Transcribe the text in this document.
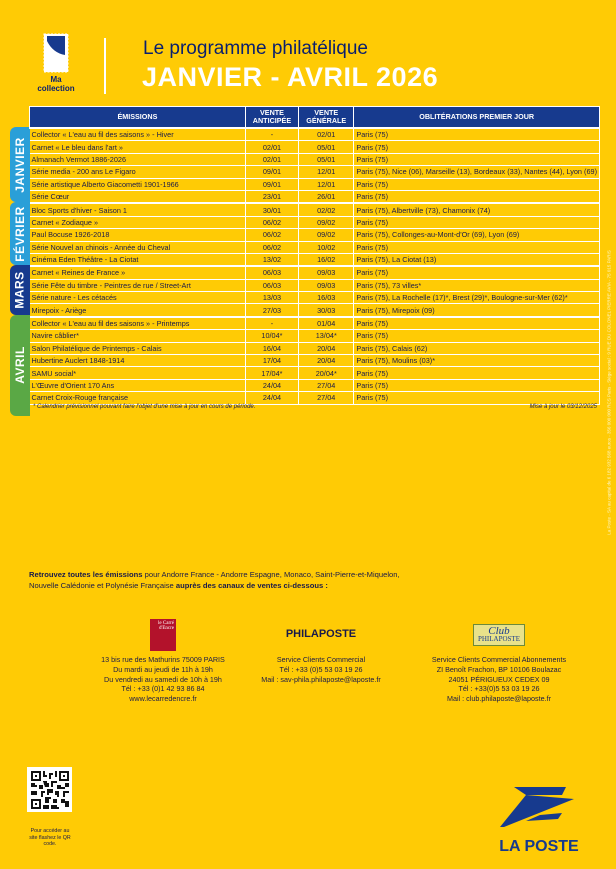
Ma collection
Le programme philatélique
JANVIER - AVRIL 2026
JANVIER
FÉVRIER
MARS
AVRIL
ÉMISSIONS	VENTE ANTICIPÉE	VENTE GÉNÉRALE	OBLITÉRATIONS PREMIER JOUR
Collector « L'eau au fil des saisons » - Hiver	-	02/01	Paris (75)
Carnet « Le bleu dans l'art »	02/01	05/01	Paris (75)
Almanach Vermot 1886-2026	02/01	05/01	Paris (75)
Série media - 200 ans Le Figaro	09/01	12/01	Paris (75), Nice (06), Marseille (13), Bordeaux (33), Nantes (44), Lyon (69)
Série artistique Alberto Giacometti 1901-1966	09/01	12/01	Paris (75)
Série Cœur	23/01	26/01	Paris (75)
Bloc Sports d'hiver - Saison 1	30/01	02/02	Paris (75), Albertville (73), Chamonix (74)
Carnet « Zodiaque »	06/02	09/02	Paris (75)
Paul Bocuse 1926-2018	06/02	09/02	Paris (75), Collonges-au-Mont-d'Or (69), Lyon (69)
Série Nouvel an chinois - Année du Cheval	06/02	10/02	Paris (75)
Cinéma Eden Théâtre - La Ciotat	13/02	16/02	Paris (75), La Ciotat (13)
Carnet « Reines de France »	06/03	09/03	Paris (75)
Série Fête du timbre - Peintres de rue / Street-Art	06/03	09/03	Paris (75), 73 villes*
Série nature - Les cétacés	13/03	16/03	Paris (75), La Rochelle (17)*, Brest (29)*, Boulogne-sur-Mer (62)*
Mirepoix - Ariège	27/03	30/03	Paris (75), Mirepoix (09)
Collector « L'eau au fil des saisons » - Printemps	-	01/04	Paris (75)
Navire câblier*	10/04*	13/04*	Paris (75)
Salon Philatélique de Printemps - Calais	16/04	20/04	Paris (75), Calais (62)
Hubertine Auclert 1848-1914	17/04	20/04	Paris (75), Moulins (03)*
SAMU social*	17/04*	20/04*	Paris (75)
L'Œuvre d'Orient 170 Ans	24/04	27/04	Paris (75)
Carnet Croix-Rouge française	24/04	27/04	Paris (75)
* Calendrier prévisionnel pouvant faire l'objet d'une mise à jour en cours de période.	Mise à jour le 03/12/2025
Retrouvez toutes les émissions pour Andorre France - Andorre Espagne, Monaco, Saint-Pierre-et-Miquelon,
Nouvelle Calédonie et Polynésie Française auprès des canaux de ventes ci-dessous :
le Carré d'Encre
13 bis rue des Mathurins 75009 PARIS
Du mardi au jeudi de 11h à 19h
Du vendredi au samedi de 10h à 19h
Tél : +33 (0)1 42 93 86 84
www.lecarredencre.fr
PHILAPOSTE
Service Clients Commercial
Tél : +33 (0)5 53 03 19 26
Mail : sav-phila.philaposte@laposte.fr
Club
PHILAPOSTE
Service Clients Commercial Abonnements
ZI Benoît Frachon, BP 10106 Boulazac
24051 PÉRIGUEUX CEDEX 09
Tél : +33(0)5 53 03 19 26
Mail : club.philaposte@laposte.fr
Pour accéder au site flashez le QR code.	LA POSTE
La Poste - SA au capital de 6 182 932 568 euros - 356 000 000 RCS Paris - Siège social : 9 RUE DU COLONEL PIERRE AVIA - 75 015 PARIS
